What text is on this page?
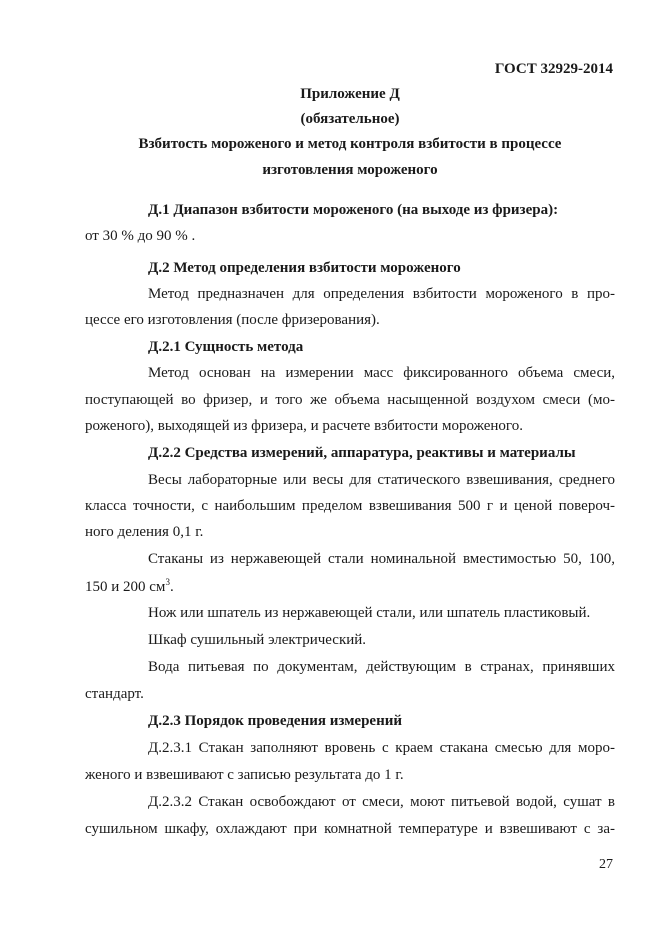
ГОСТ 32929-2014
Приложение Д
(обязательное)
Взбитость мороженого и метод контроля взбитости в процессе
изготовления мороженого
Д.1 Диапазон взбитости мороженого (на выходе из фризера):
от 30 % до 90 % .
Д.2 Метод определения взбитости мороженого
Метод предназначен для определения взбитости мороженого в про-
цессе его изготовления (после фризерования).
Д.2.1 Сущность метода
Метод основан на измерении масс фиксированного объема смеси,
поступающей во фризер, и того же объема насыщенной воздухом смеси (мо-
роженого), выходящей из фризера, и расчете взбитости мороженого.
Д.2.2 Средства измерений, аппаратура, реактивы и материалы
Весы лабораторные или весы для статического взвешивания, среднего
класса точности, с наибольшим пределом взвешивания 500 г и ценой повероч-
ного деления 0,1 г.
Стаканы из нержавеющей стали номинальной вместимостью 50, 100,
150 и 200 $см^3$.
Нож или шпатель из нержавеющей стали, или шпатель пластиковый.
Шкаф сушильный электрический.
Вода питьевая по документам, действующим в странах, принявших
стандарт.
Д.2.3 Порядок проведения измерений
Д.2.3.1 Стакан заполняют вровень с краем стакана смесью для моро-
женого и взвешивают с записью результата до 1 г.
Д.2.3.2 Стакан освобождают от смеси, моют питьевой водой, сушат в
сушильном шкафу, охлаждают при комнатной температуре и взвешивают с за-
27
